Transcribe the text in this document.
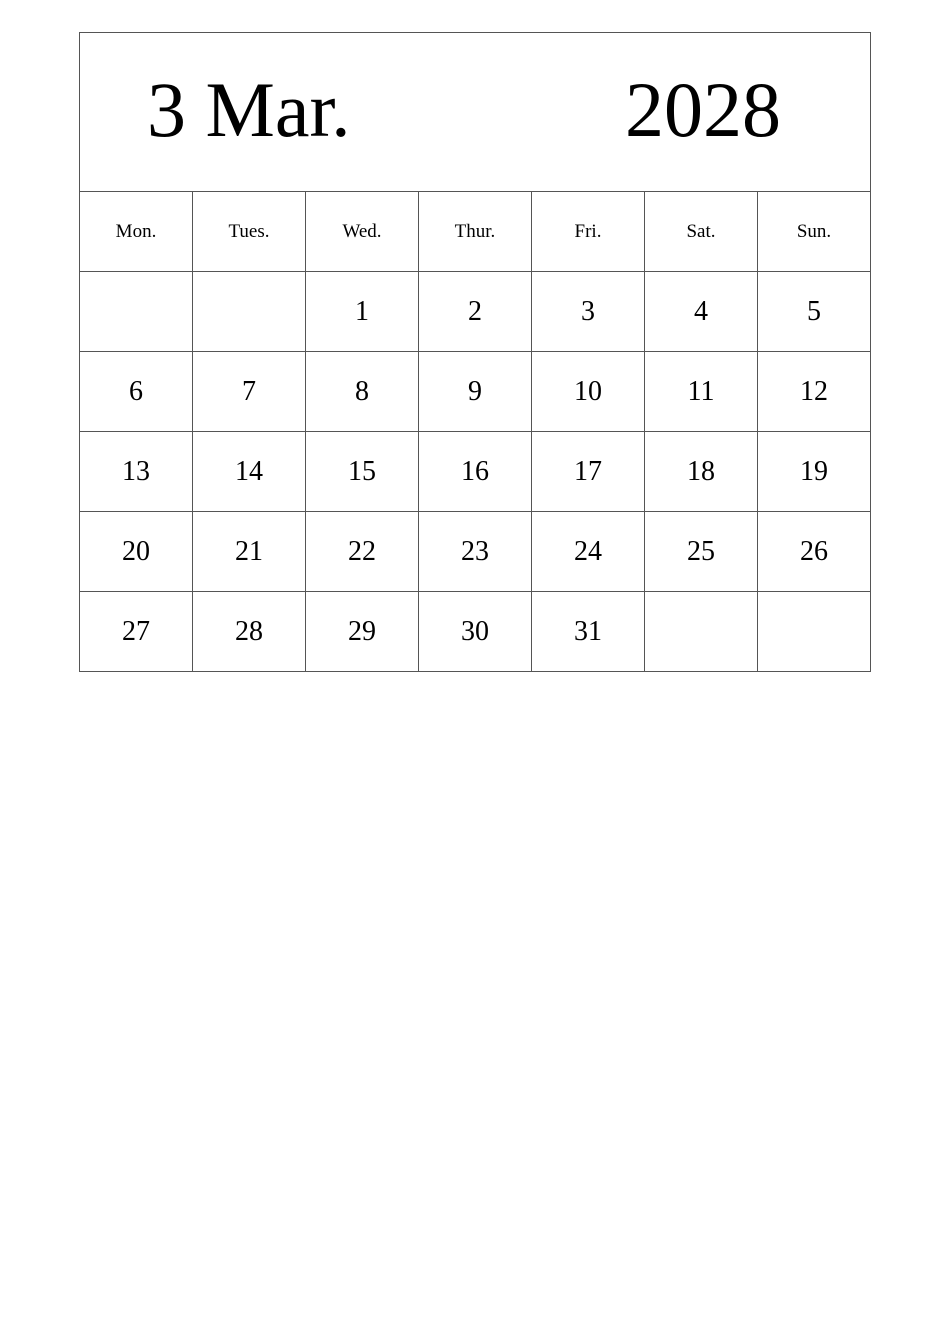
3 Mar. 2028						

Mon.	Tues.	Wed.	Thur.	Fri.	Sat.	Sun.
		1	2	3	4	5
6	7	8	9	10	11	12
13	14	15	16	17	18	19
20	21	22	23	24	25	26
27	28	29	30	31		
